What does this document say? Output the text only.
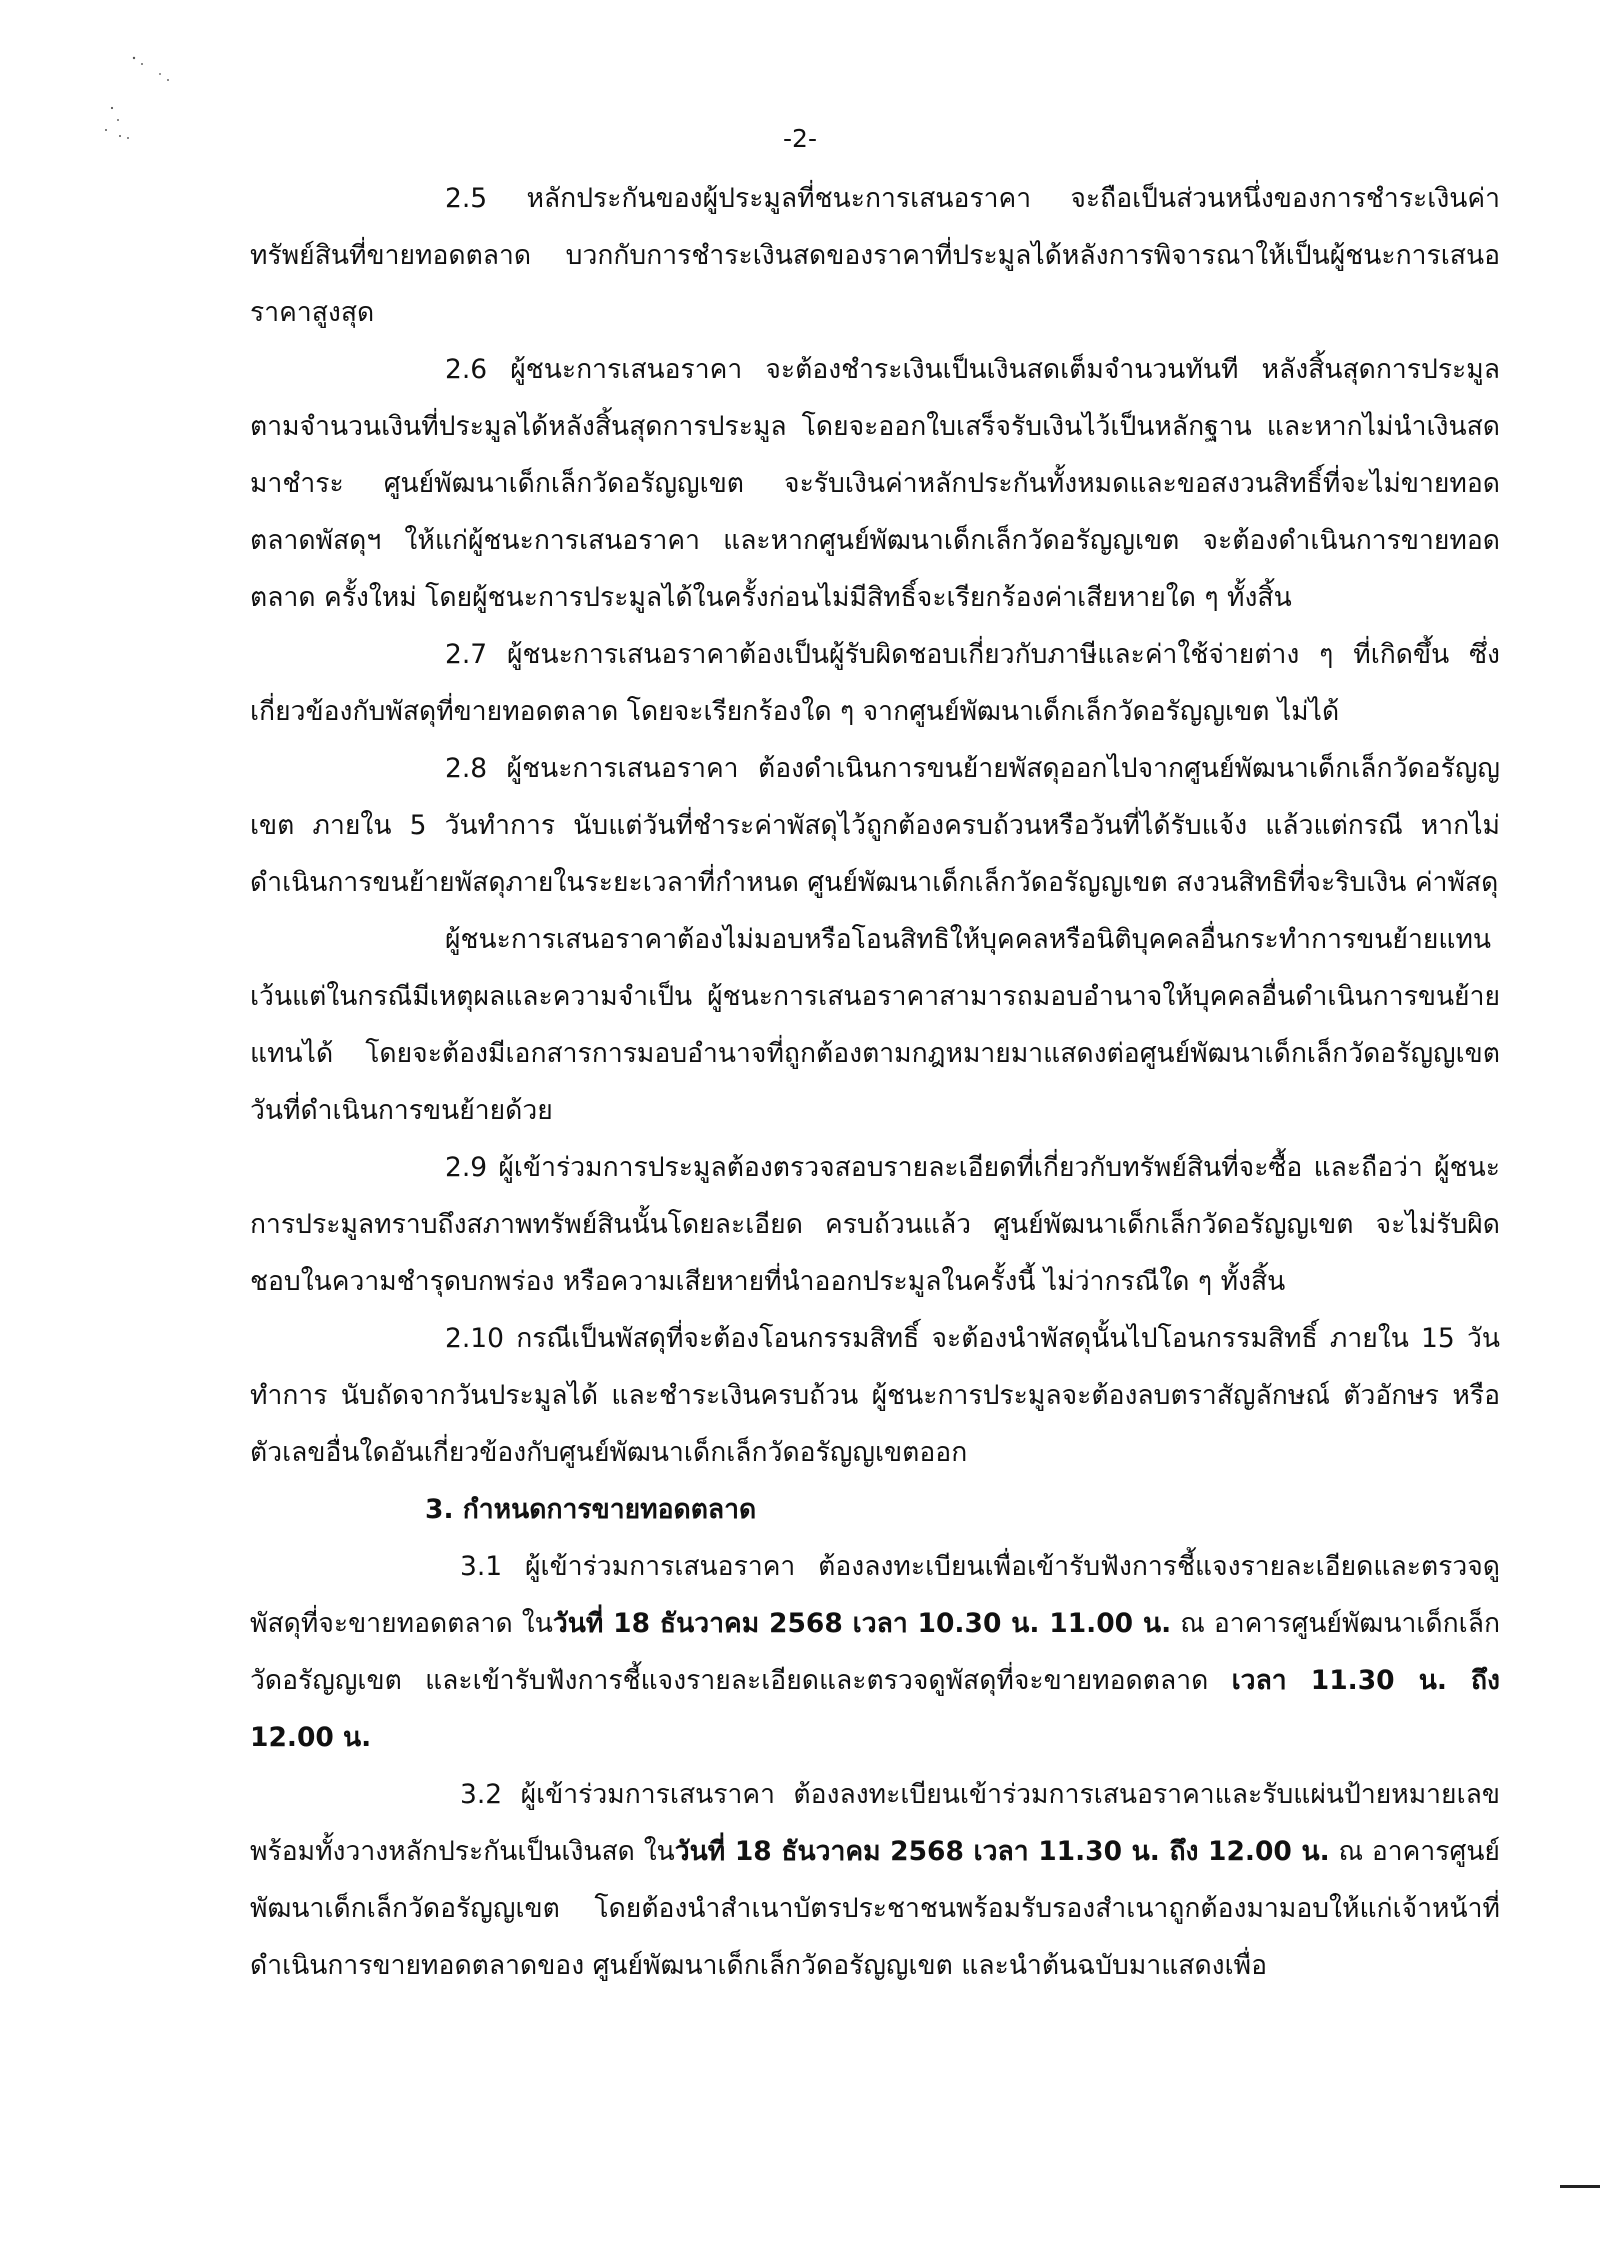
-2-

2.5 หลักประกันของผู้ประมูลที่ชนะการเสนอราคา จะถือเป็นส่วนหนึ่งของการชำระเงินค่าทรัพย์สินที่ขายทอดตลาด บวกกับการชำระเงินสดของราคาที่ประมูลได้หลังการพิจารณาให้เป็นผู้ชนะการเสนอราคาสูงสุด

2.6 ผู้ชนะการเสนอราคา จะต้องชำระเงินเป็นเงินสดเต็มจำนวนทันที หลังสิ้นสุดการประมูลตามจำนวนเงินที่ประมูลได้หลังสิ้นสุดการประมูล โดยจะออกใบเสร็จรับเงินไว้เป็นหลักฐาน และหากไม่นำเงินสดมาชำระ ศูนย์พัฒนาเด็กเล็กวัดอรัญญเขต จะรับเงินค่าหลักประกันทั้งหมดและขอสงวนสิทธิ์ที่จะไม่ขายทอดตลาดพัสดุฯ ให้แก่ผู้ชนะการเสนอราคา และหากศูนย์พัฒนาเด็กเล็กวัดอรัญญเขต จะต้องดำเนินการขายทอดตลาด ครั้งใหม่ โดยผู้ชนะการประมูลได้ในครั้งก่อนไม่มีสิทธิ์จะเรียกร้องค่าเสียหายใด ๆ ทั้งสิ้น

2.7 ผู้ชนะการเสนอราคาต้องเป็นผู้รับผิดชอบเกี่ยวกับภาษีและค่าใช้จ่ายต่าง ๆ ที่เกิดขึ้น ซึ่งเกี่ยวข้องกับพัสดุที่ขายทอดตลาด โดยจะเรียกร้องใด ๆ จากศูนย์พัฒนาเด็กเล็กวัดอรัญญเขต ไม่ได้

2.8 ผู้ชนะการเสนอราคา ต้องดำเนินการขนย้ายพัสดุออกไปจากศูนย์พัฒนาเด็กเล็กวัดอรัญญเขต ภายใน 5 วันทำการ นับแต่วันที่ชำระค่าพัสดุไว้ถูกต้องครบถ้วนหรือวันที่ได้รับแจ้ง แล้วแต่กรณี หากไม่ดำเนินการขนย้ายพัสดุภายในระยะเวลาที่กำหนด ศูนย์พัฒนาเด็กเล็กวัดอรัญญเขต สงวนสิทธิที่จะริบเงิน ค่าพัสดุ

ผู้ชนะการเสนอราคาต้องไม่มอบหรือโอนสิทธิให้บุคคลหรือนิติบุคคลอื่นกระทำการขนย้ายแทน เว้นแต่ในกรณีมีเหตุผลและความจำเป็น ผู้ชนะการเสนอราคาสามารถมอบอำนาจให้บุคคลอื่นดำเนินการขนย้ายแทนได้ โดยจะต้องมีเอกสารการมอบอำนาจที่ถูกต้องตามกฎหมายมาแสดงต่อศูนย์พัฒนาเด็กเล็กวัดอรัญญเขต วันที่ดำเนินการขนย้ายด้วย

2.9 ผู้เข้าร่วมการประมูลต้องตรวจสอบรายละเอียดที่เกี่ยวกับทรัพย์สินที่จะซื้อ และถือว่า ผู้ชนะการประมูลทราบถึงสภาพทรัพย์สินนั้นโดยละเอียด ครบถ้วนแล้ว ศูนย์พัฒนาเด็กเล็กวัดอรัญญเขต จะไม่รับผิดชอบในความชำรุดบกพร่อง หรือความเสียหายที่นำออกประมูลในครั้งนี้ ไม่ว่ากรณีใด ๆ ทั้งสิ้น

2.10 กรณีเป็นพัสดุที่จะต้องโอนกรรมสิทธิ์ จะต้องนำพัสดุนั้นไปโอนกรรมสิทธิ์ ภายใน 15 วันทำการ นับถัดจากวันประมูลได้ และชำระเงินครบถ้วน ผู้ชนะการประมูลจะต้องลบตราสัญลักษณ์ ตัวอักษร หรือตัวเลขอื่นใดอันเกี่ยวข้องกับศูนย์พัฒนาเด็กเล็กวัดอรัญญเขตออก

3. กำหนดการขายทอดตลาด

3.1 ผู้เข้าร่วมการเสนอราคา ต้องลงทะเบียนเพื่อเข้ารับฟังการชี้แจงรายละเอียดและตรวจดู พัสดุที่จะขายทอดตลาด ในวันที่ 18 ธันวาคม 2568 เวลา 10.30 น. 11.00 น. ณ อาคารศูนย์พัฒนาเด็กเล็กวัดอรัญญเขต และเข้ารับฟังการชี้แจงรายละเอียดและตรวจดูพัสดุที่จะขายทอดตลาด เวลา 11.30 น. ถึง 12.00 น.

3.2 ผู้เข้าร่วมการเสนราคา ต้องลงทะเบียนเข้าร่วมการเสนอราคาและรับแผ่นป้ายหมายเลข พร้อมทั้งวางหลักประกันเป็นเงินสด ในวันที่ 18 ธันวาคม 2568 เวลา 11.30 น. ถึง 12.00 น. ณ อาคารศูนย์พัฒนาเด็กเล็กวัดอรัญญเขต โดยต้องนำสำเนาบัตรประชาชนพร้อมรับรองสำเนาถูกต้องมามอบให้แก่เจ้าหน้าที่ดำเนินการขายทอดตลาดของ ศูนย์พัฒนาเด็กเล็กวัดอรัญญเขต และนำต้นฉบับมาแสดงเพื่อ
